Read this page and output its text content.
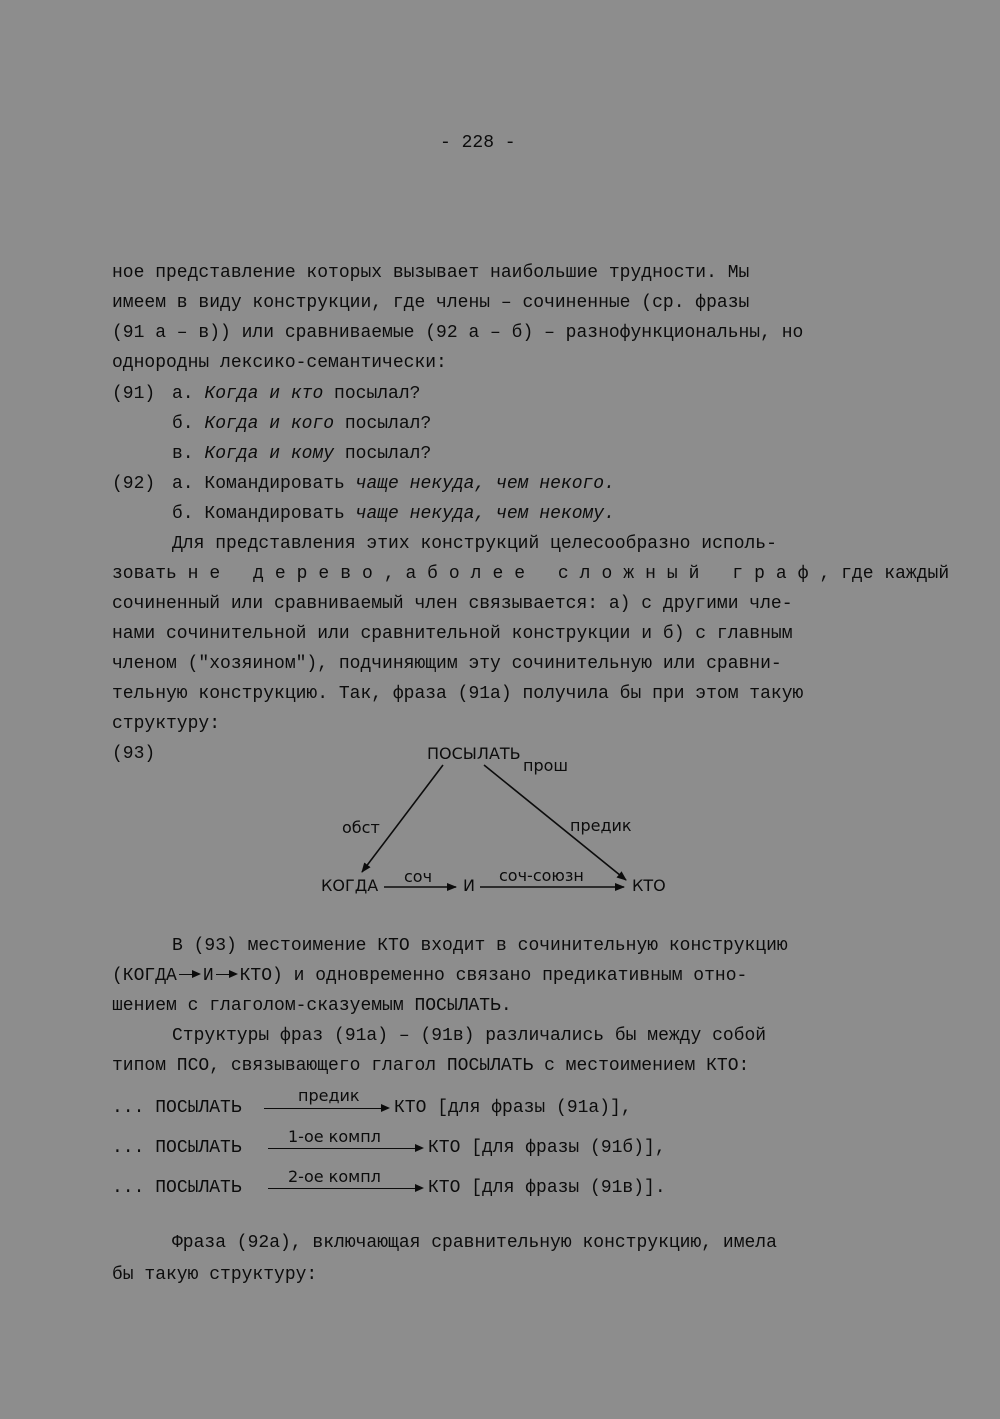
- 228 -
ное представление которых вызывает наибольшие трудности. Мы
имеем в виду конструкции, где члены – сочиненные (ср. фразы
(91 а – в)) или сравниваемые (92 а – б) – разнофункциональны, но
однородны лексико-семантически:
(91) а. Когда и кто посылал?
б. Когда и кого посылал?
в. Когда и кому посылал?
(92) а. Командировать чаще некуда, чем некого.
б. Командировать чаще некуда, чем некому.
Для представления этих конструкций целесообразно исполь-
зовать не дерево, а более сложный граф, где каждый
сочиненный или сравниваемый член связывается: а) с другими чле-
нами сочинительной или сравнительной конструкции и б) с главным
членом ("хозяином"), подчиняющим эту сочинительную или сравни-
тельную конструкцию. Так, фраза (91а) получила бы при этом такую
структуру:
(93)	ПОСЫЛАТЬ
прош
обст	предик
КОГДА соч И
соч-союзн
КТО
В (93) местоимение КТО входит в сочинительную конструкцию
(КОГДА И КТО) и одновременно связано предикативным отно-
шением с глаголом-сказуемым ПОСЫЛАТЬ.
Структуры фраз (91а) – (91в) различались бы между собой
типом ПСО, связывающего глагол ПОСЫЛАТЬ с местоимением КТО:
... ПОСЫЛАТЬ
предик
КТО [для фразы (91а)],
... ПОСЫЛАТЬ
1-ое компл
КТО [для фразы (91б)],
... ПОСЫЛАТЬ
2-ое компл
КТО [для фразы (91в)].
Фраза (92а), включающая сравнительную конструкцию, имела
бы такую структуру:
